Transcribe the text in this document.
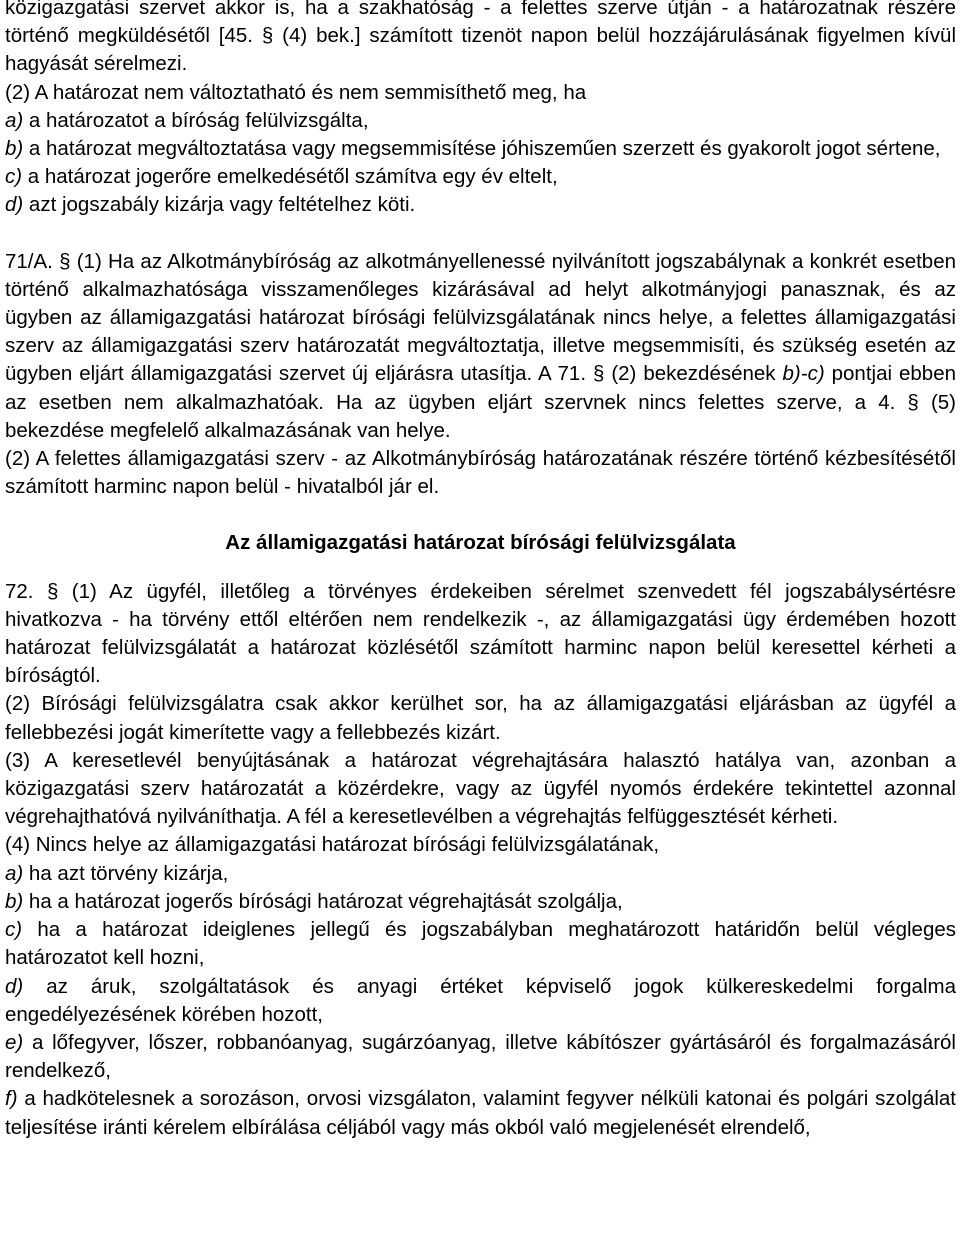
közigazgatási szervet akkor is, ha a szakhatóság - a felettes szerve útján - a határozatnak részére történő megküldésétől [45. § (4) bek.] számított tizenöt napon belül hozzájárulásának figyelmen kívül hagyását sérelmezi.

(2) A határozat nem változtatható és nem semmisíthető meg, ha

a) a határozatot a bíróság felülvizsgálta,

b) a határozat megváltoztatása vagy megsemmisítése jóhiszeműen szerzett és gyakorolt jogot sértene,

c) a határozat jogerőre emelkedésétől számítva egy év eltelt,

d) azt jogszabály kizárja vagy feltételhez köti.

71/A. § (1) Ha az Alkotmánybíróság az alkotmányellenessé nyilvánított jogszabálynak a konkrét esetben történő alkalmazhatósága visszamenőleges kizárásával ad helyt alkotmányjogi panasznak, és az ügyben az államigazgatási határozat bírósági felülvizsgálatának nincs helye, a felettes államigazgatási szerv az államigazgatási szerv határozatát megváltoztatja, illetve megsemmisíti, és szükség esetén az ügyben eljárt államigazgatási szervet új eljárásra utasítja. A 71. § (2) bekezdésének b)-c) pontjai ebben az esetben nem alkalmazhatóak. Ha az ügyben eljárt szervnek nincs felettes szerve, a 4. § (5) bekezdése megfelelő alkalmazásának van helye.

(2) A felettes államigazgatási szerv - az Alkotmánybíróság határozatának részére történő kézbesítésétől számított harminc napon belül - hivatalból jár el.

Az államigazgatási határozat bírósági felülvizsgálata

72. § (1) Az ügyfél, illetőleg a törvényes érdekeiben sérelmet szenvedett fél jogszabálysértésre hivatkozva - ha törvény ettől eltérően nem rendelkezik -, az államigazgatási ügy érdemében hozott határozat felülvizsgálatát a határozat közlésétől számított harminc napon belül keresettel kérheti a bíróságtól.

(2) Bírósági felülvizsgálatra csak akkor kerülhet sor, ha az államigazgatási eljárásban az ügyfél a fellebbezési jogát kimerítette vagy a fellebbezés kizárt.

(3) A keresetlevél benyújtásának a határozat végrehajtására halasztó hatálya van, azonban a közigazgatási szerv határozatát a közérdekre, vagy az ügyfél nyomós érdekére tekintettel azonnal végrehajthatóvá nyilváníthatja. A fél a keresetlevélben a végrehajtás felfüggesztését kérheti.

(4) Nincs helye az államigazgatási határozat bírósági felülvizsgálatának,

a) ha azt törvény kizárja,

b) ha a határozat jogerős bírósági határozat végrehajtását szolgálja,

c) ha a határozat ideiglenes jellegű és jogszabályban meghatározott határidőn belül végleges határozatot kell hozni,

d) az áruk, szolgáltatások és anyagi értéket képviselő jogok külkereskedelmi forgalma engedélyezésének körében hozott,

e) a lőfegyver, lőszer, robbanóanyag, sugárzóanyag, illetve kábítószer gyártásáról és forgalmazásáról rendelkező,

f) a hadkötelesnek a sorozáson, orvosi vizsgálaton, valamint fegyver nélküli katonai és polgári szolgálat teljesítése iránti kérelem elbírálása céljából vagy más okból való megjelenését elrendelő,
